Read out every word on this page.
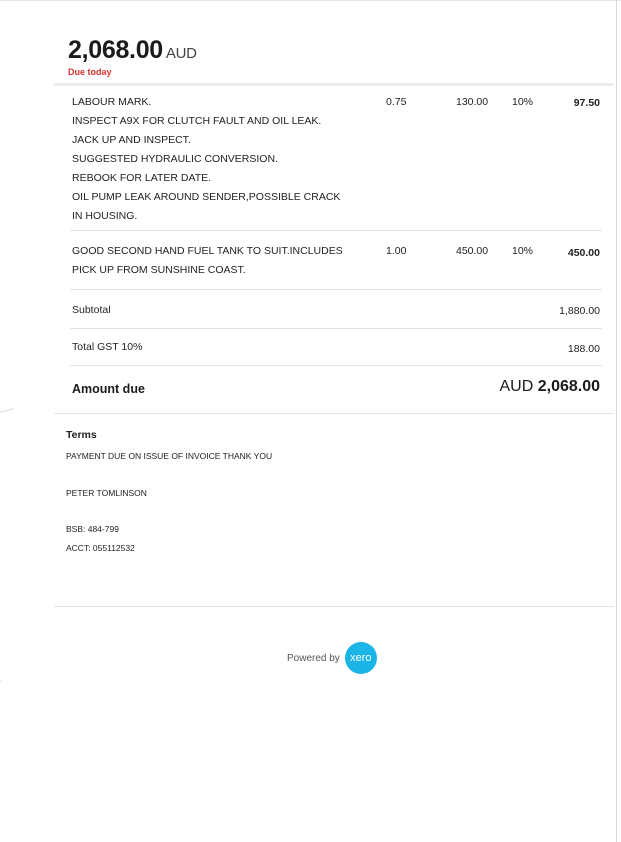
2,068.00 AUD
Due today
LABOUR MARK.
INSPECT A9X FOR CLUTCH FAULT AND OIL LEAK.
JACK UP AND INSPECT.
SUGGESTED HYDRAULIC CONVERSION.
REBOOK FOR LATER DATE.
OIL PUMP LEAK AROUND SENDER,POSSIBLE CRACK
IN HOUSING.
0.75	130.00 10%	97.50
GOOD SECOND HAND FUEL TANK TO SUIT.INCLUDES
PICK UP FROM SUNSHINE COAST.
1.00	450.00 10%	450.00
Subtotal	1,880.00
Total GST 10%	188.00
Amount due	AUD 2,068.00
Terms
PAYMENT DUE ON ISSUE OF INVOICE THANK YOU
PETER TOMLINSON
BSB: 484-799
ACCT: 055112532
Powered by xero
